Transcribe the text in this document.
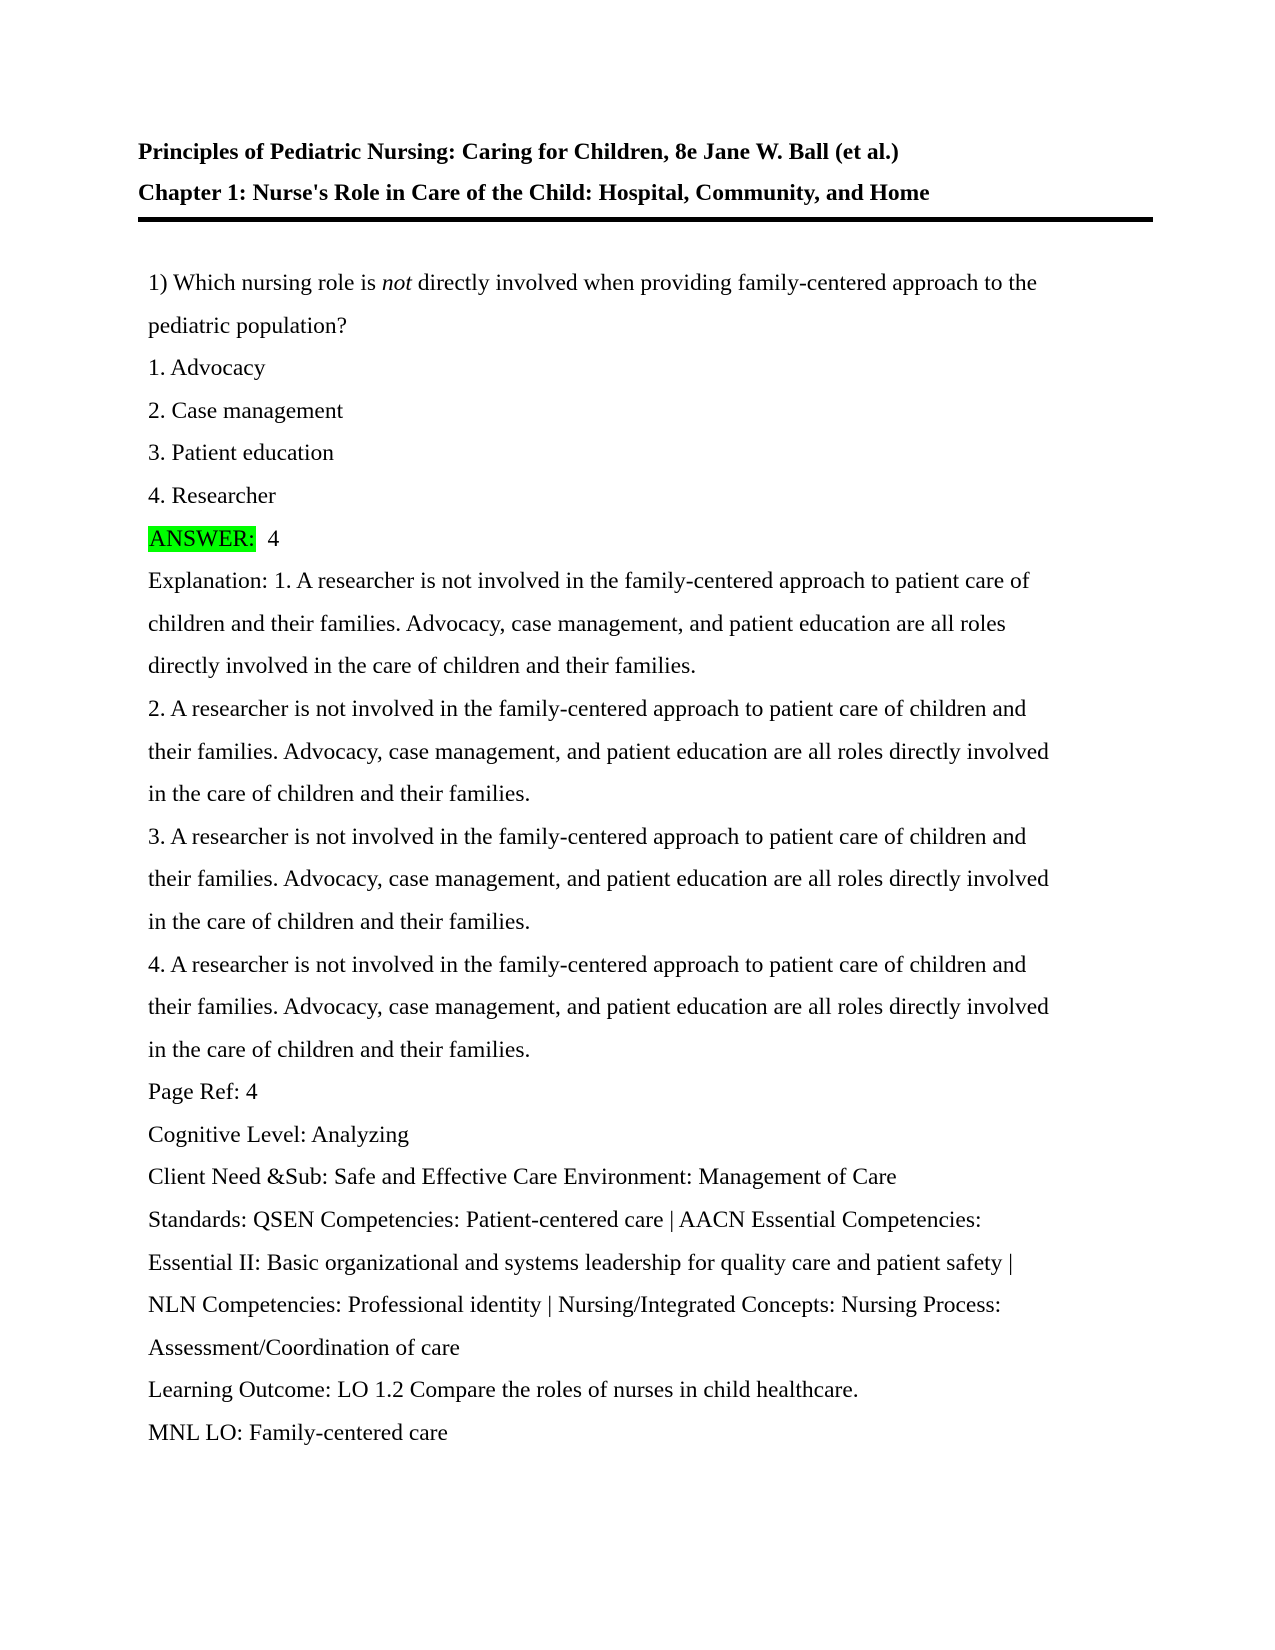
Principles of Pediatric Nursing: Caring for Children, 8e Jane W. Ball (et al.)
Chapter 1: Nurse's Role in Care of the Child: Hospital, Community, and Home
1) Which nursing role is not directly involved when providing family-centered approach to the
pediatric population?
1. Advocacy
2. Case management
3. Patient education
4. Researcher
ANSWER:  4
Explanation: 1. A researcher is not involved in the family-centered approach to patient care of
children and their families. Advocacy, case management, and patient education are all roles
directly involved in the care of children and their families.
2. A researcher is not involved in the family-centered approach to patient care of children and
their families. Advocacy, case management, and patient education are all roles directly involved
in the care of children and their families.
3. A researcher is not involved in the family-centered approach to patient care of children and
their families. Advocacy, case management, and patient education are all roles directly involved
in the care of children and their families.
4. A researcher is not involved in the family-centered approach to patient care of children and
their families. Advocacy, case management, and patient education are all roles directly involved
in the care of children and their families.
Page Ref: 4
Cognitive Level: Analyzing
Client Need &Sub: Safe and Effective Care Environment: Management of Care
Standards: QSEN Competencies: Patient-centered care | AACN Essential Competencies:
Essential II: Basic organizational and systems leadership for quality care and patient safety |
NLN Competencies: Professional identity | Nursing/Integrated Concepts: Nursing Process:
Assessment/Coordination of care
Learning Outcome: LO 1.2 Compare the roles of nurses in child healthcare.
MNL LO: Family-centered care
